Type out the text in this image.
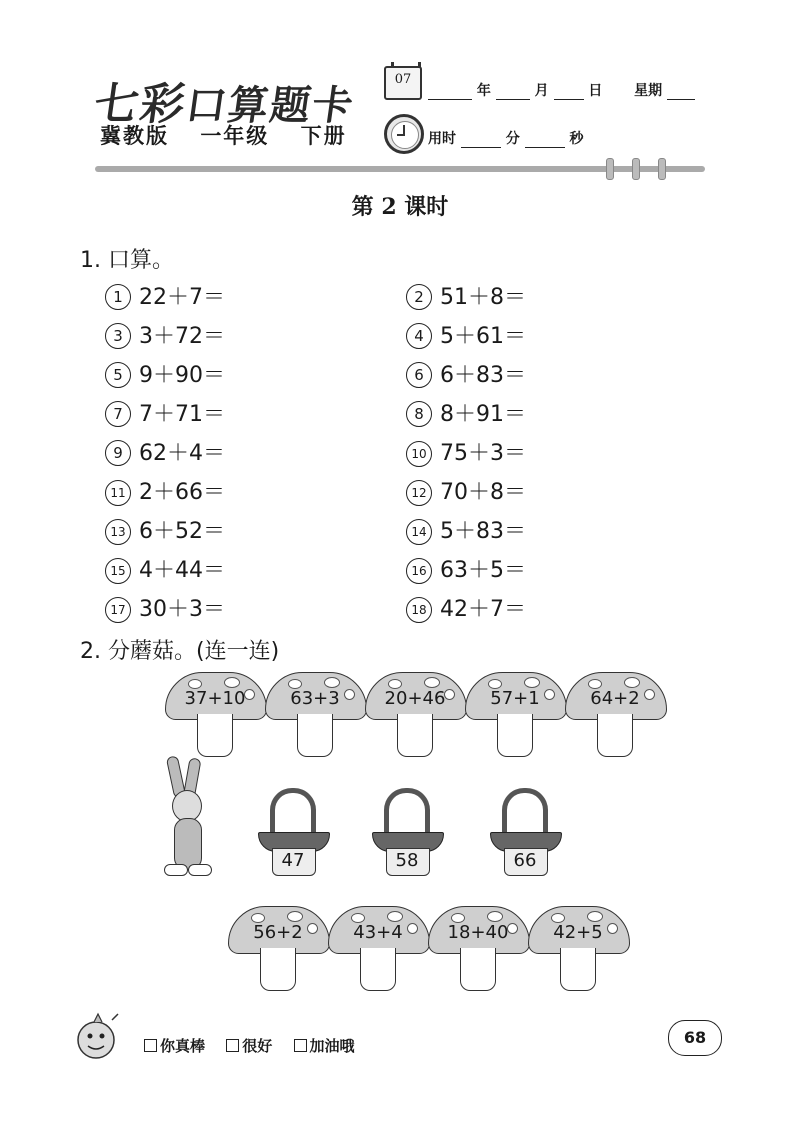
七彩口算题卡
冀教版 一年级 下册
07
年	月	日 星期
用时	分	秒
第 2 课时
1. 口算。
1 22＋7＝	2 51＋8＝
3 3＋72＝	4 5＋61＝
5 9＋90＝	6 6＋83＝
7 7＋71＝	8 8＋91＝
9 62＋4＝	10 75＋3＝
11 2＋66＝	12 70＋8＝
13 6＋52＝	14 5＋83＝
15 4＋44＝	16 63＋5＝
17 30＋3＝	18 42＋7＝
2. 分蘑菇。(连一连)
37+10	63+3	20+46	57+1	64+2
56+2	43+4	18+40	42+5
47	58	66
你真棒 很好 加油哦	68
